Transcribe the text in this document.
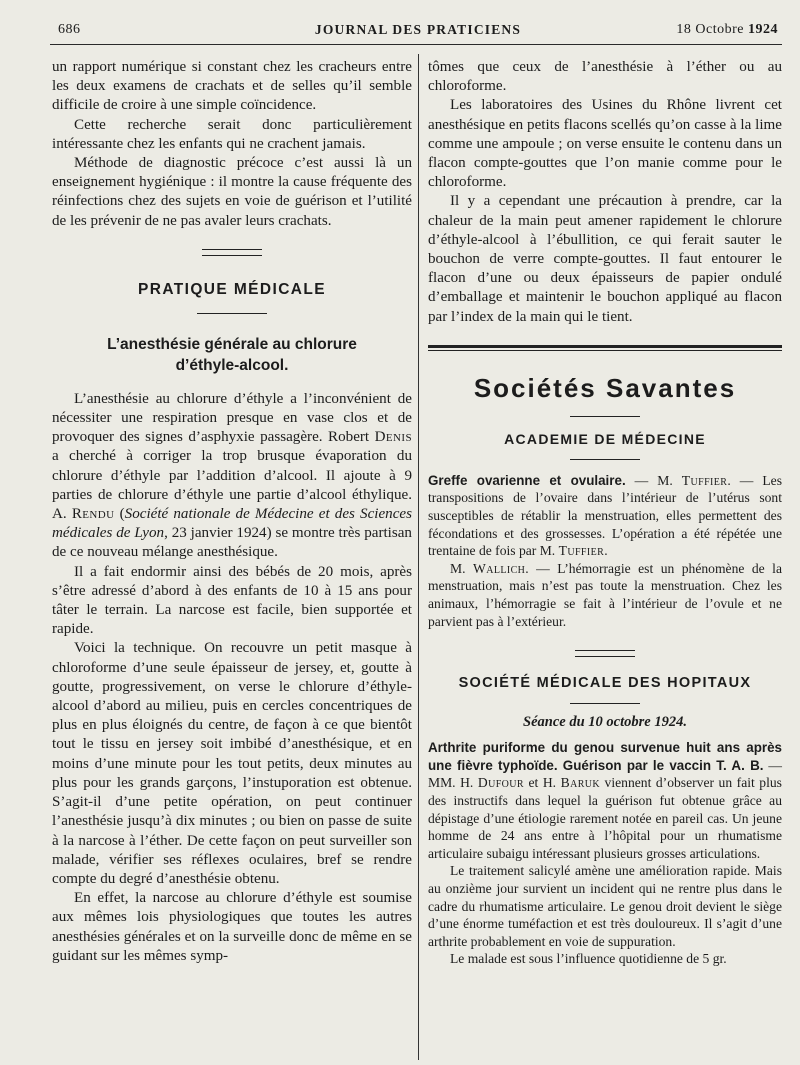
686	JOURNAL DES PRATICIENS	18 Octobre 1924

un rapport numérique si constant chez les cracheurs entre les deux examens de crachats et de selles qu’il semble difficile de croire à une simple coïncidence.

Cette recherche serait donc particulièrement intéressante chez les enfants qui ne crachent jamais.

Méthode de diagnostic précoce c’est aussi là un enseignement hygiénique : il montre la cause fréquente des réinfections chez des sujets en voie de guérison et l’utilité de les prévenir de ne pas avaler leurs crachats.

PRATIQUE MÉDICALE
L’anesthésie générale au chlorure d’éthyle-alcool.

L’anesthésie au chlorure d’éthyle a l’inconvénient de nécessiter une respiration presque en vase clos et de provoquer des signes d’asphyxie passagère. Robert Denis a cherché à corriger la trop brusque évaporation du chlorure d’éthyle par l’addition d’alcool. Il ajoute à 9 parties de chlorure d’éthyle une partie d’alcool éthylique. A. Rendu (Société nationale de Médecine et des Sciences médicales de Lyon, 23 janvier 1924) se montre très partisan de ce nouveau mélange anesthésique.

Il a fait endormir ainsi des bébés de 20 mois, après s’être adressé d’abord à des enfants de 10 à 15 ans pour tâter le terrain. La narcose est facile, bien supportée et rapide.

Voici la technique. On recouvre un petit masque à chloroforme d’une seule épaisseur de jersey, et, goutte à goutte, progressivement, on verse le chlorure d’éthyle-alcool d’abord au milieu, puis en cercles concentriques de plus en plus éloignés du centre, de façon à ce que bientôt tout le tissu en jersey soit imbibé d’anesthésique, et en moins d’une minute pour les tout petits, deux minutes au plus pour les grands garçons, l’instuporation est obtenue. S’agit-il d’une petite opération, on peut continuer l’anesthésie jusqu’à dix minutes ; ou bien on passe de suite à la narcose à l’éther. De cette façon on peut surveiller son malade, vérifier ses réflexes oculaires, bref se rendre compte du degré d’anesthésie obtenu.

En effet, la narcose au chlorure d’éthyle est soumise aux mêmes lois physiologiques que toutes les autres anesthésies générales et on la surveille donc de même en se guidant sur les mêmes symp-

tômes que ceux de l’anesthésie à l’éther ou au chloroforme.

Les laboratoires des Usines du Rhône livrent cet anesthésique en petits flacons scellés qu’on casse à la lime comme une ampoule ; on verse ensuite le contenu dans un flacon compte-gouttes que l’on manie comme pour le chloroforme.

Il y a cependant une précaution à prendre, car la chaleur de la main peut amener rapidement le chlorure d’éthyle-alcool à l’ébullition, ce qui ferait sauter le bouchon de verre compte-gouttes. Il faut entourer le flacon d’une ou deux épaisseurs de papier ondulé d’emballage et maintenir le bouchon appliqué au flacon par l’index de la main qui le tient.

Sociétés Savantes
ACADEMIE DE MÉDECINE

Greffe ovarienne et ovulaire. — M. Tuffier. — Les transpositions de l’ovaire dans l’intérieur de l’utérus sont susceptibles de rétablir la menstruation, elles permettent des fécondations et des grossesses. L’opération a été répétée une trentaine de fois par M. Tuffier.

M. Wallich. — L’hémorragie est un phénomène de la menstruation, mais n’est pas toute la menstruation. Chez les animaux, l’hémorragie se fait à l’intérieur de l’ovule et ne parvient pas à l’extérieur.

SOCIÉTÉ MÉDICALE DES HOPITAUX
Séance du 10 octobre 1924.

Arthrite puriforme du genou survenue huit ans après une fièvre typhoïde. Guérison par le vaccin T. A. B. — MM. H. Dufour et H. Baruk viennent d’observer un fait plus des instructifs dans lequel la guérison fut obtenue grâce au dépistage d’une étiologie rarement notée en pareil cas. Un jeune homme de 24 ans entre à l’hôpital pour un rhumatisme articulaire subaigu intéressant plusieurs grosses articulations.

Le traitement salicylé amène une amélioration rapide. Mais au onzième jour survient un incident qui ne rentre plus dans le cadre du rhumatisme articulaire. Le genou droit devient le siège d’une énorme tuméfaction et est très douloureux. Il s’agit d’une arthrite probablement en voie de suppuration.

Le malade est sous l’influence quotidienne de 5 gr.
